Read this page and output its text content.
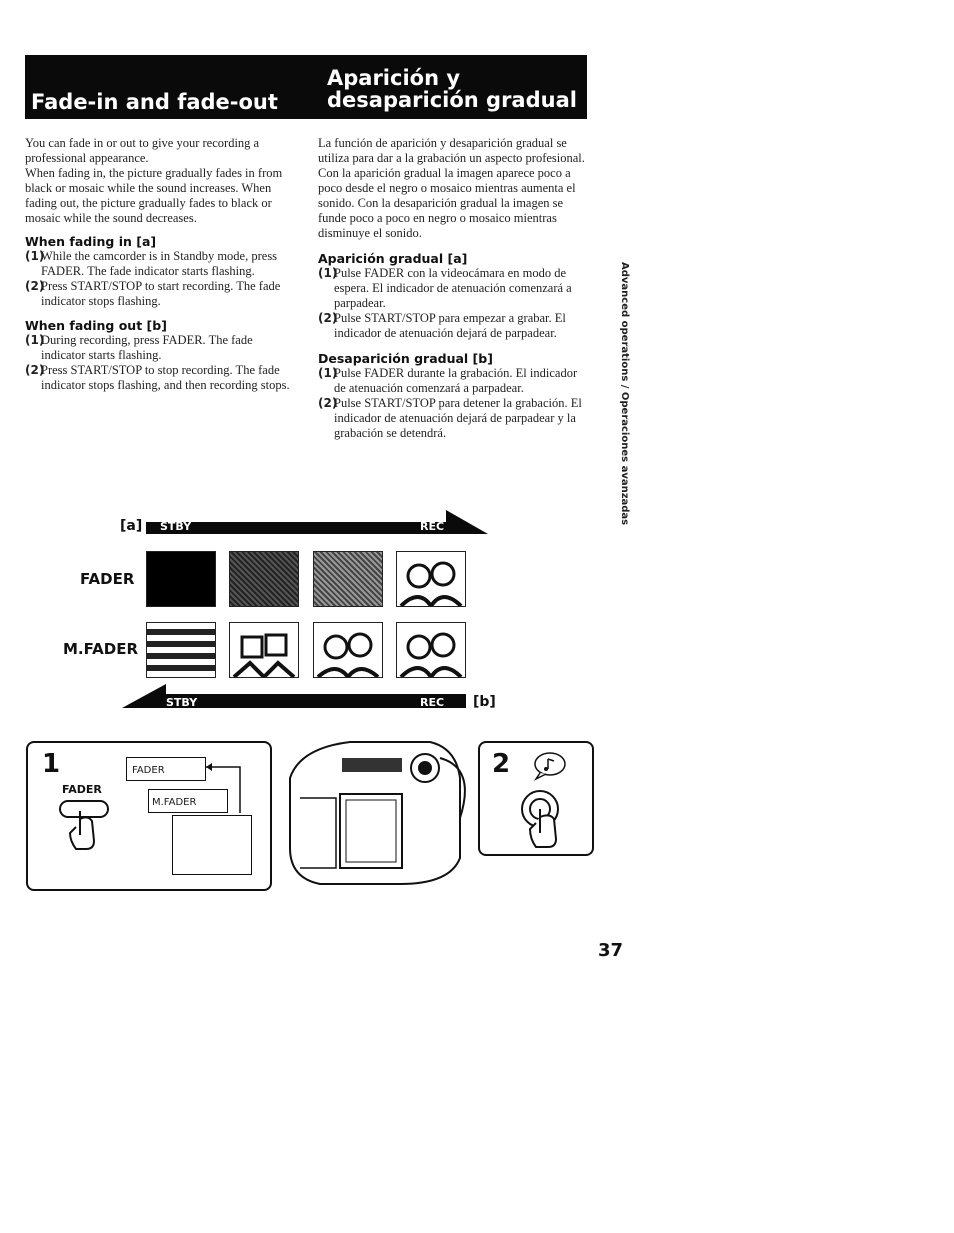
Fade-in and fade-out
Aparición y
desaparición gradual

You can fade in or out to give your recording a professional appearance.

When fading in, the picture gradually fades in from black or mosaic while the sound increases. When fading out, the picture gradually fades to black or mosaic while the sound decreases.

When fading in [a]

(1)
While the camcorder is in Standby mode, press FADER. The fade indicator starts flashing.
(2)
Press START/STOP to start recording. The fade indicator stops flashing.

When fading out [b]

(1)
During recording, press FADER. The fade indicator starts flashing.
(2)
Press START/STOP to stop recording. The fade indicator stops flashing, and then recording stops.

La función de aparición y desaparición gradual se utiliza para dar a la grabación un aspecto profesional.

Con la aparición gradual la imagen aparece poco a poco desde el negro o mosaico mientras aumenta el sonido. Con la desaparición gradual la imagen se funde poco a poco en negro o mosaico mientras disminuye el sonido.

Aparición gradual [a]

(1)
Pulse FADER con la videocámara en modo de espera. El indicador de atenuación comenzará a parpadear.
(2)
Pulse START/STOP para empezar a grabar. El indicador de atenuación dejará de parpadear.

Desaparición gradual [b]

(1)
Pulse FADER durante la grabación. El indicador de atenuación comenzará a parpadear.
(2)
Pulse START/STOP para detener la grabación. El indicador de atenuación dejará de parpadear y la grabación se detendrá.	Advanced operations / Operaciones avanzadas
[a] STBY	REC
FADER
M.FADER
STBY	REC [b]
1
FADER
FADER
M.FADER
2
37
